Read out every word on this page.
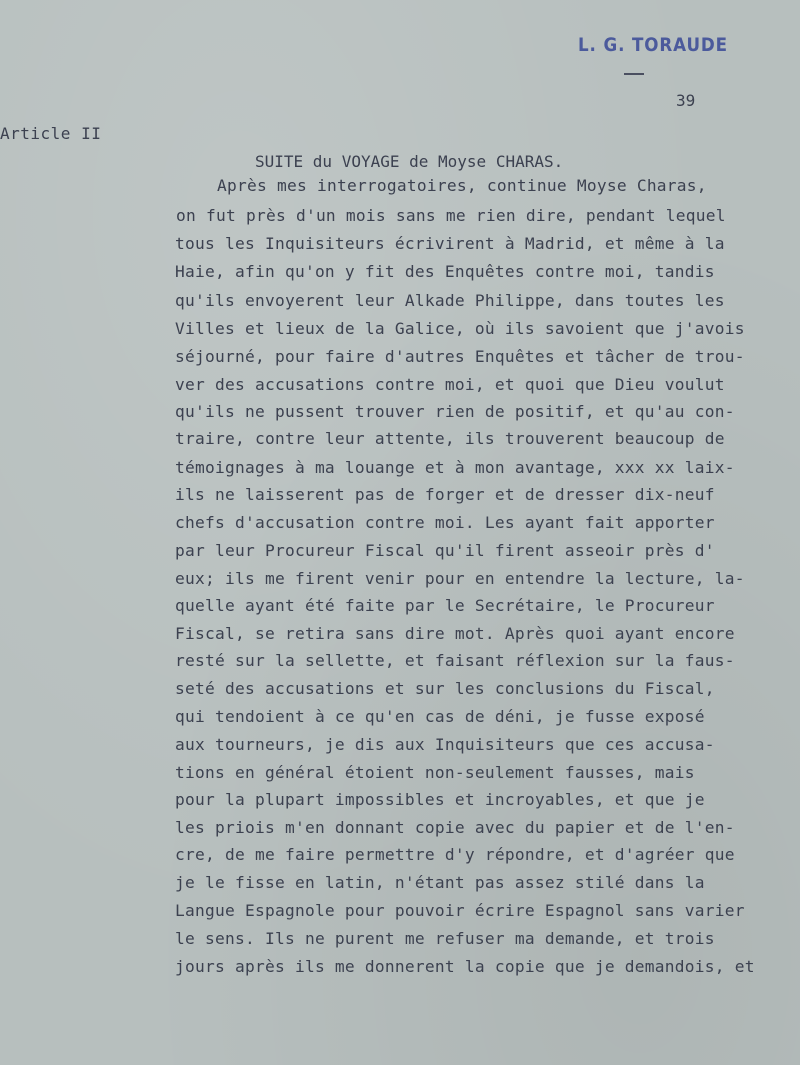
L. G. TORAUDE
39
Article II
SUITE du VOYAGE de Moyse CHARAS.
Après mes interrogatoires, continue Moyse Charas,
on fut près d'un mois sans me rien dire, pendant lequel
tous les Inquisiteurs écrivirent à Madrid, et même à la
Haie, afin qu'on y fit des Enquêtes contre moi, tandis
qu'ils envoyerent leur Alkade Philippe, dans toutes les
Villes et lieux de la Galice, où ils savoient que j'avois
séjourné, pour faire d'autres Enquêtes et tâcher de trou-
ver des accusations contre moi, et quoi que Dieu voulut
qu'ils ne pussent trouver rien de positif, et qu'au con-
traire, contre leur attente, ils trouverent beaucoup de
témoignages à ma louange et à mon avantage, xxx xx laix-
ils ne laisserent pas de forger et de dresser dix-neuf
chefs d'accusation contre moi. Les ayant fait apporter
par leur Procureur Fiscal qu'il firent asseoir près d'
eux; ils me firent venir pour en entendre la lecture, la-
quelle ayant été faite par le Secrétaire, le Procureur
Fiscal, se retira sans dire mot. Après quoi ayant encore
resté sur la sellette, et faisant réflexion sur la faus-
seté des accusations et sur les conclusions du Fiscal,
qui tendoient à ce qu'en cas de déni, je fusse exposé
aux tourneurs, je dis aux Inquisiteurs que ces accusa-
tions en général étoient non-seulement fausses, mais
pour la plupart impossibles et incroyables, et que je
les priois m'en donnant copie avec du papier et de l'en-
cre, de me faire permettre d'y répondre, et d'agréer que
je le fisse en latin, n'étant pas assez stilé dans la
Langue Espagnole pour pouvoir écrire Espagnol sans varier
le sens. Ils ne purent me refuser ma demande, et trois
jours après ils me donnerent la copie que je demandois, et
